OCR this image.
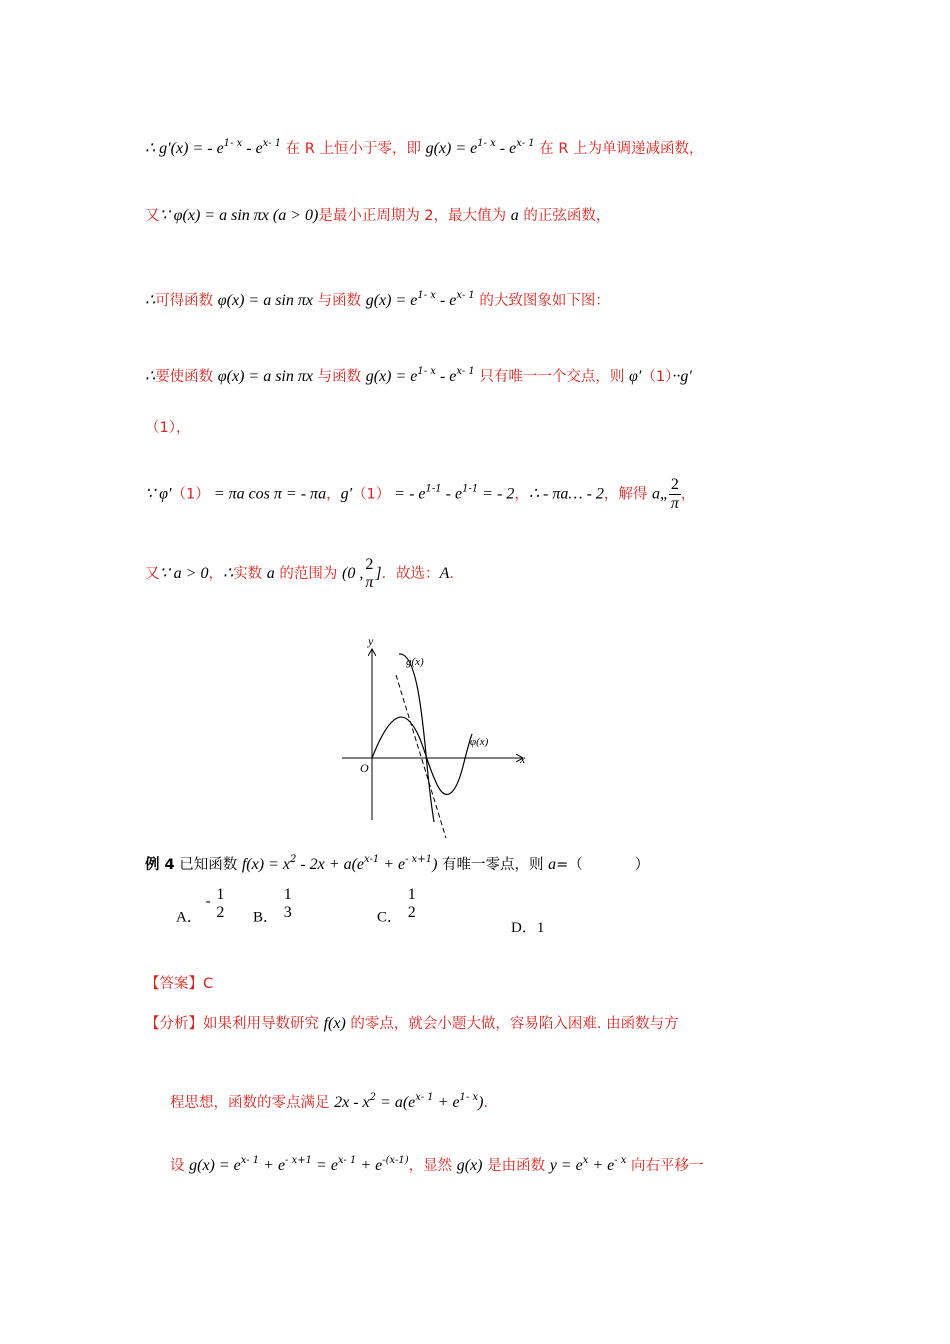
∴ g′(x) = - $e^{1- x} - e^{x- 1}$ 在 R 上恒小于零，即 $g(x) = e^{1- x} - e^{x- 1}$ 在 R 上为单调递减函数，
又∵ φ(x) = a sin πx (a > 0)是最小正周期为 2，最大值为 a 的正弦函数，
∴可得函数 φ(x) = a sin πx 与函数 $g(x) = e^{1- x} - e^{x- 1}$ 的大致图象如下图：
∴要使函数 φ(x) = a sin πx 与函数 $g(x) = e^{1- x} - e^{x- 1}$ 只有唯一一个交点，则 φ′（1）··g′
（1），
∵ φ′（1） = πa cos π = - πa，g′（1） = - $e^{1-1} - e^{1-1}$ = - 2，∴ - πa… - 2，解得 a„ $\frac{2}{\pi}$ ，
又∵ a > 0，∴实数 a 的范围为 (0 ,
2
π
]．故选：A．
y
x
O
g(x)
φ(x)
例 4 已知函数 $f(x) = x^2 - 2x + a(e^{x-1} + e^{- x+1})$ 有唯一零点，则 a=（	）
A． - 1
2 B．
1
3	C．
1
2
D．1
【答案】C
【分析】如果利用导数研究 f(x) 的零点，就会小题大做，容易陷入困难. 由函数与方
程思想，函数的零点满足 $2x - x^2 = a(e^{x- 1} + e^{1- x})$.
设 $g(x) = e^{x- 1} + e^{- x+1} = e^{x- 1} + e^{-(x-1)}$，显然 g(x) 是由函数 $y = e^x + e^{- x}$ 向右平移一
